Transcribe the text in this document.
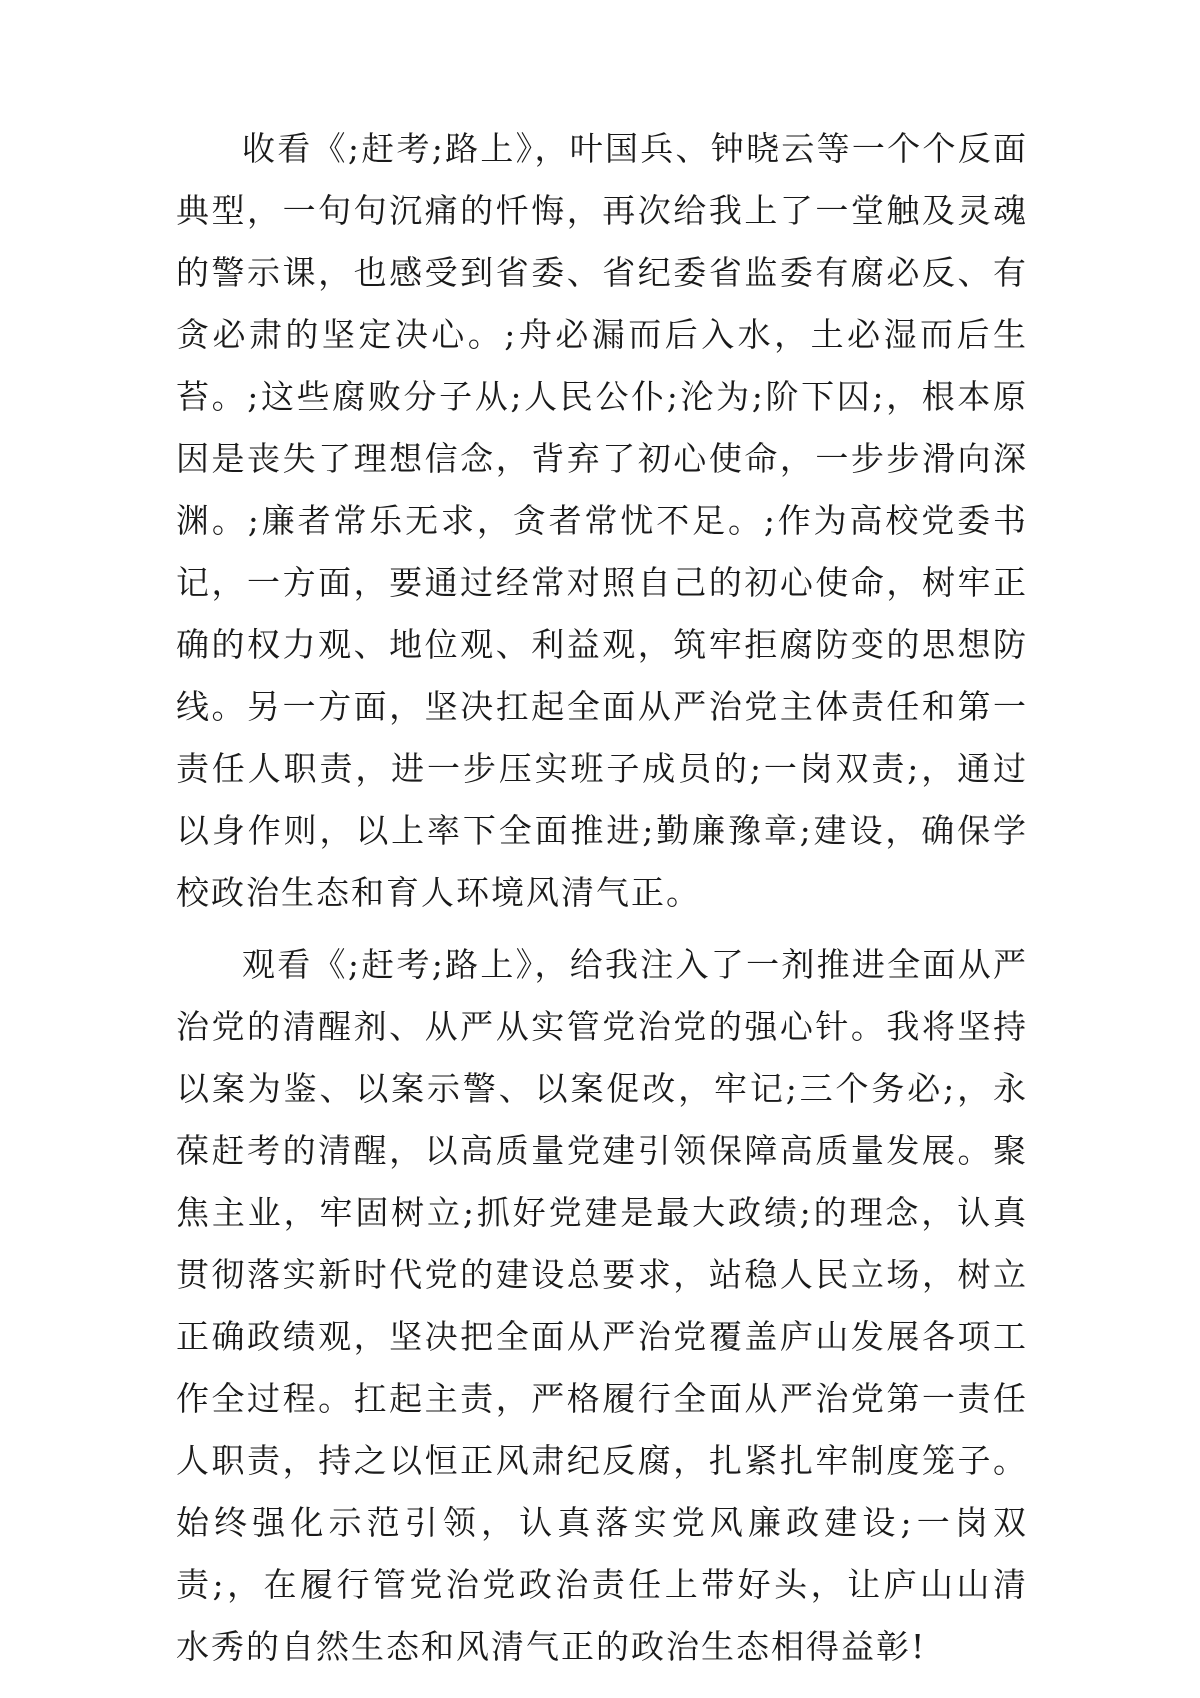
收看《;赶考;路上》，叶国兵、钟晓云等一个个反面典型，一句句沉痛的忏悔，再次给我上了一堂触及灵魂的警示课，也感受到省委、省纪委省监委有腐必反、有贪必肃的坚定决心。;舟必漏而后入水，土必湿而后生苔。;这些腐败分子从;人民公仆;沦为;阶下囚;，根本原因是丧失了理想信念，背弃了初心使命，一步步滑向深渊。;廉者常乐无求，贪者常忧不足。;作为高校党委书记，一方面，要通过经常对照自己的初心使命，树牢正确的权力观、地位观、利益观，筑牢拒腐防变的思想防线。另一方面，坚决扛起全面从严治党主体责任和第一责任人职责，进一步压实班子成员的;一岗双责;，通过以身作则，以上率下全面推进;勤廉豫章;建设，确保学校政治生态和育人环境风清气正。

观看《;赶考;路上》，给我注入了一剂推进全面从严治党的清醒剂、从严从实管党治党的强心针。我将坚持以案为鉴、以案示警、以案促改，牢记;三个务必;，永葆赶考的清醒，以高质量党建引领保障高质量发展。聚焦主业，牢固树立;抓好党建是最大政绩;的理念，认真贯彻落实新时代党的建设总要求，站稳人民立场，树立正确政绩观，坚决把全面从严治党覆盖庐山发展各项工作全过程。扛起主责，严格履行全面从严治党第一责任人职责，持之以恒正风肃纪反腐，扎紧扎牢制度笼子。始终强化示范引领，认真落实党风廉政建设;一岗双责;，在履行管党治党政治责任上带好头，让庐山山清水秀的自然生态和风清气正的政治生态相得益彰!
